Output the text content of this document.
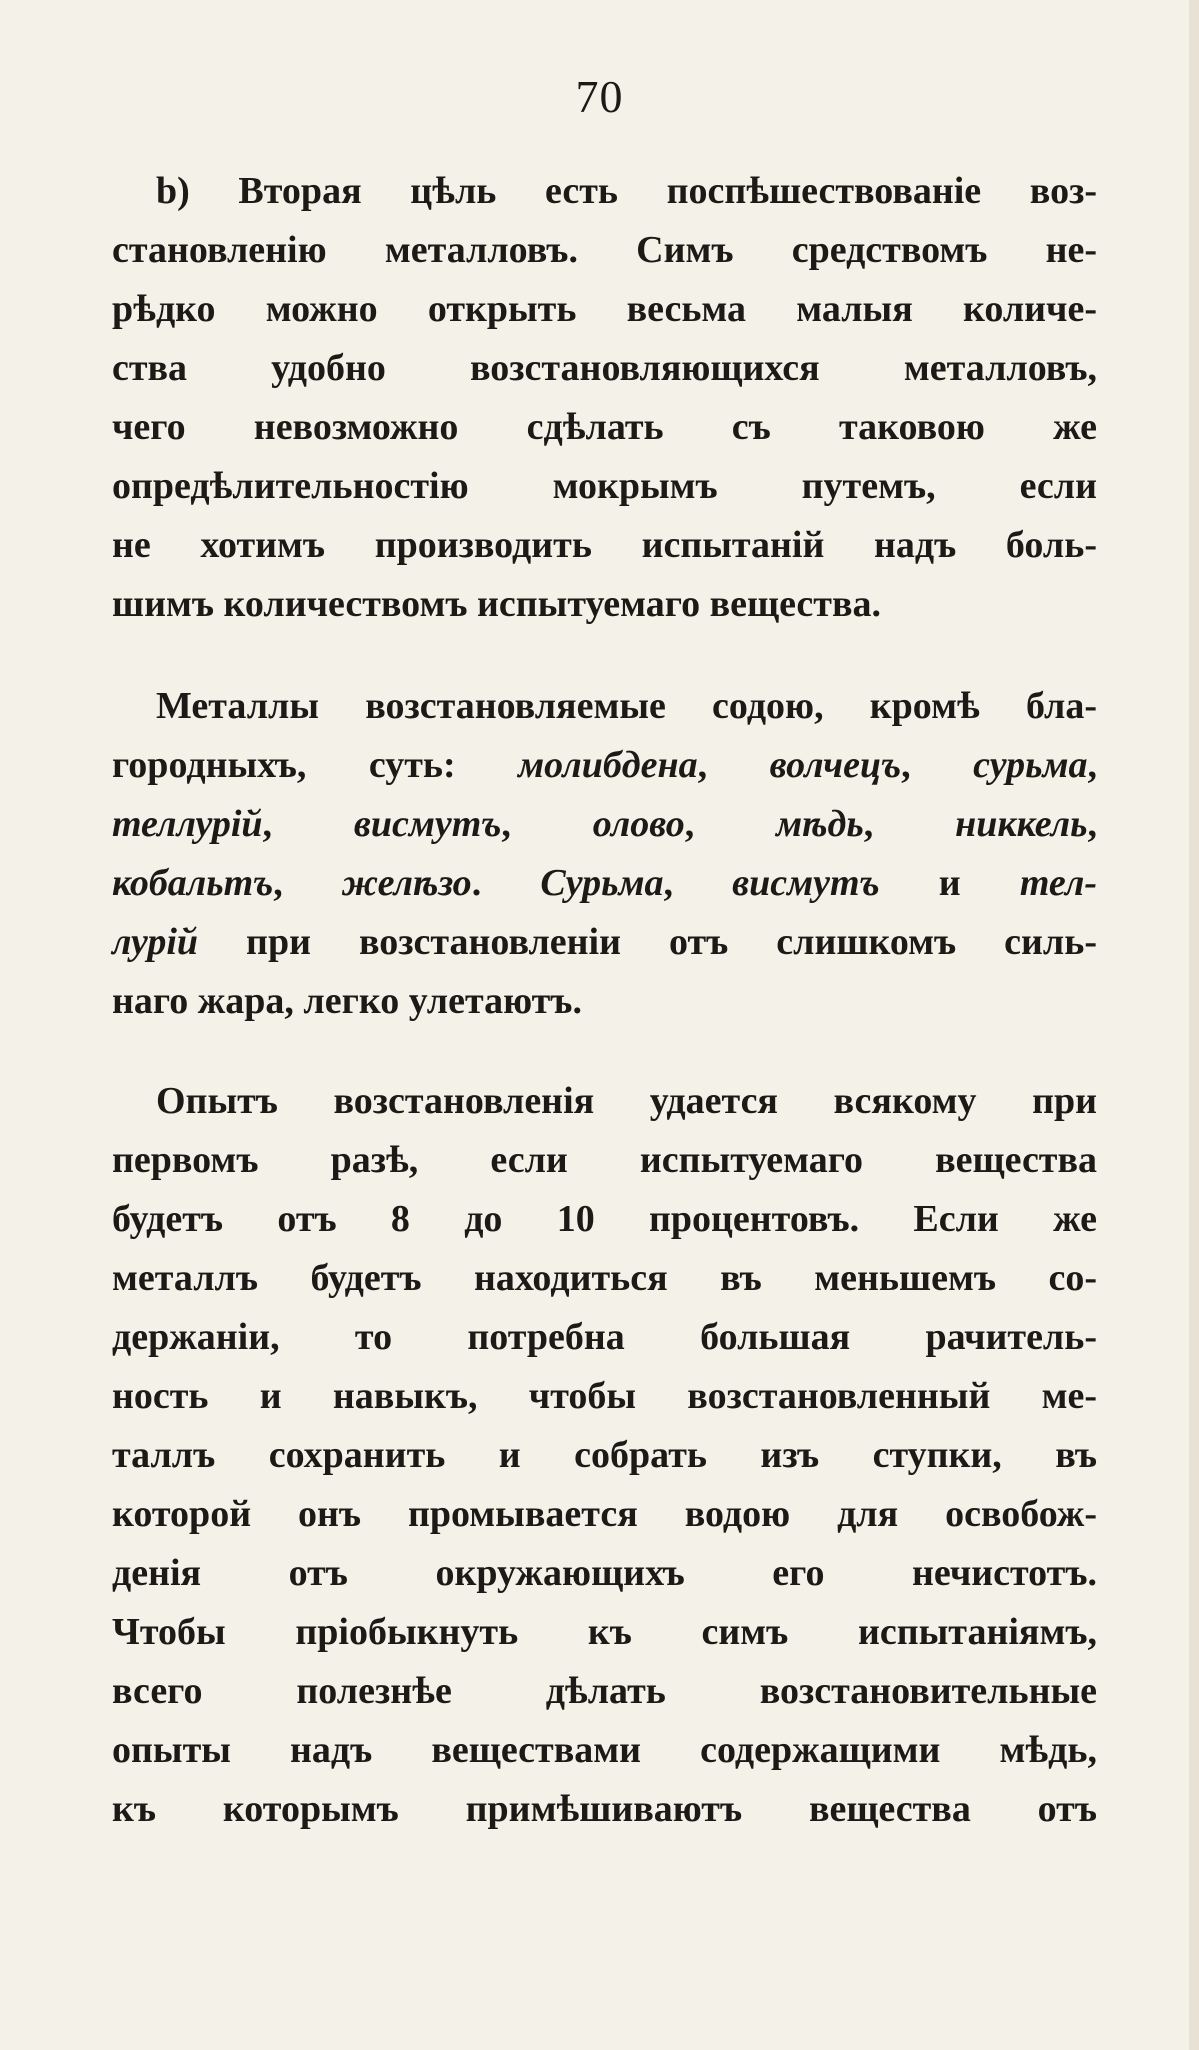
70
b) Вторая цѣль есть поспѣшествованіе воз-
становленію металловъ. Симъ средствомъ не-
рѣдко можно открыть весьма малыя количе-
ства удобно возстановляющихся металловъ,
чего невозможно сдѣлать съ таковою же
опредѣлительностію мокрымъ путемъ, если
не хотимъ производить испытаній надъ боль-
шимъ количествомъ испытуемаго вещества.
Металлы возстановляемые содою, кромѣ бла-
городныхъ, суть: молибдена, волчецъ, сурьма,
теллурій, висмутъ, олово, мѣдь, никкель,
кобальтъ, желѣзо. Сурьма, висмутъ и тел-
лурій при возстановленіи отъ слишкомъ силь-
наго жара, легко улетаютъ.
Опытъ возстановленія удается всякому при
первомъ разѣ, если испытуемаго вещества
будетъ отъ 8 до 10 процентовъ. Если же
металлъ будетъ находиться въ меньшемъ со-
держаніи, то потребна большая рачитель-
ность и навыкъ, чтобы возстановленный ме-
таллъ сохранить и собрать изъ ступки, въ
которой онъ промывается водою для освобож-
денія отъ окружающихъ его нечистотъ.
Чтобы пріобыкнуть къ симъ испытаніямъ,
всего полезнѣе дѣлать возстановительные
опыты надъ веществами содержащими мѣдь,
къ которымъ примѣшиваютъ вещества отъ
